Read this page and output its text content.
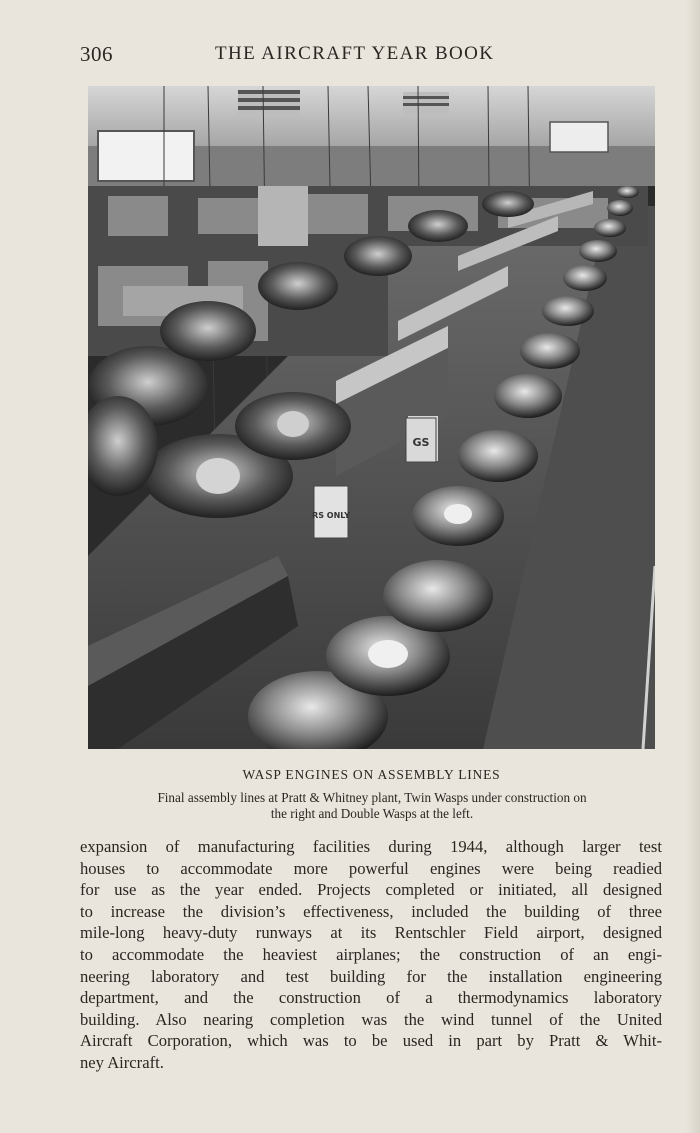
306	THE AIRCRAFT YEAR BOOK
GS
RS ONLY
WASP ENGINES ON ASSEMBLY LINES
Final assembly lines at Pratt & Whitney plant, Twin Wasps under construction on
the right and Double Wasps at the left.
expansion of manufacturing facilities during 1944, although larger test
houses to accommodate more powerful engines were being readied
for use as the year ended. Projects completed or initiated, all designed
to increase the division’s effectiveness, included the building of three
mile-long heavy-duty runways at its Rentschler Field airport, designed
to accommodate the heaviest airplanes; the construction of an engi-
neering laboratory and test building for the installation engineering
department, and the construction of a thermodynamics laboratory
building. Also nearing completion was the wind tunnel of the United
Aircraft Corporation, which was to be used in part by Pratt & Whit-
ney Aircraft.
